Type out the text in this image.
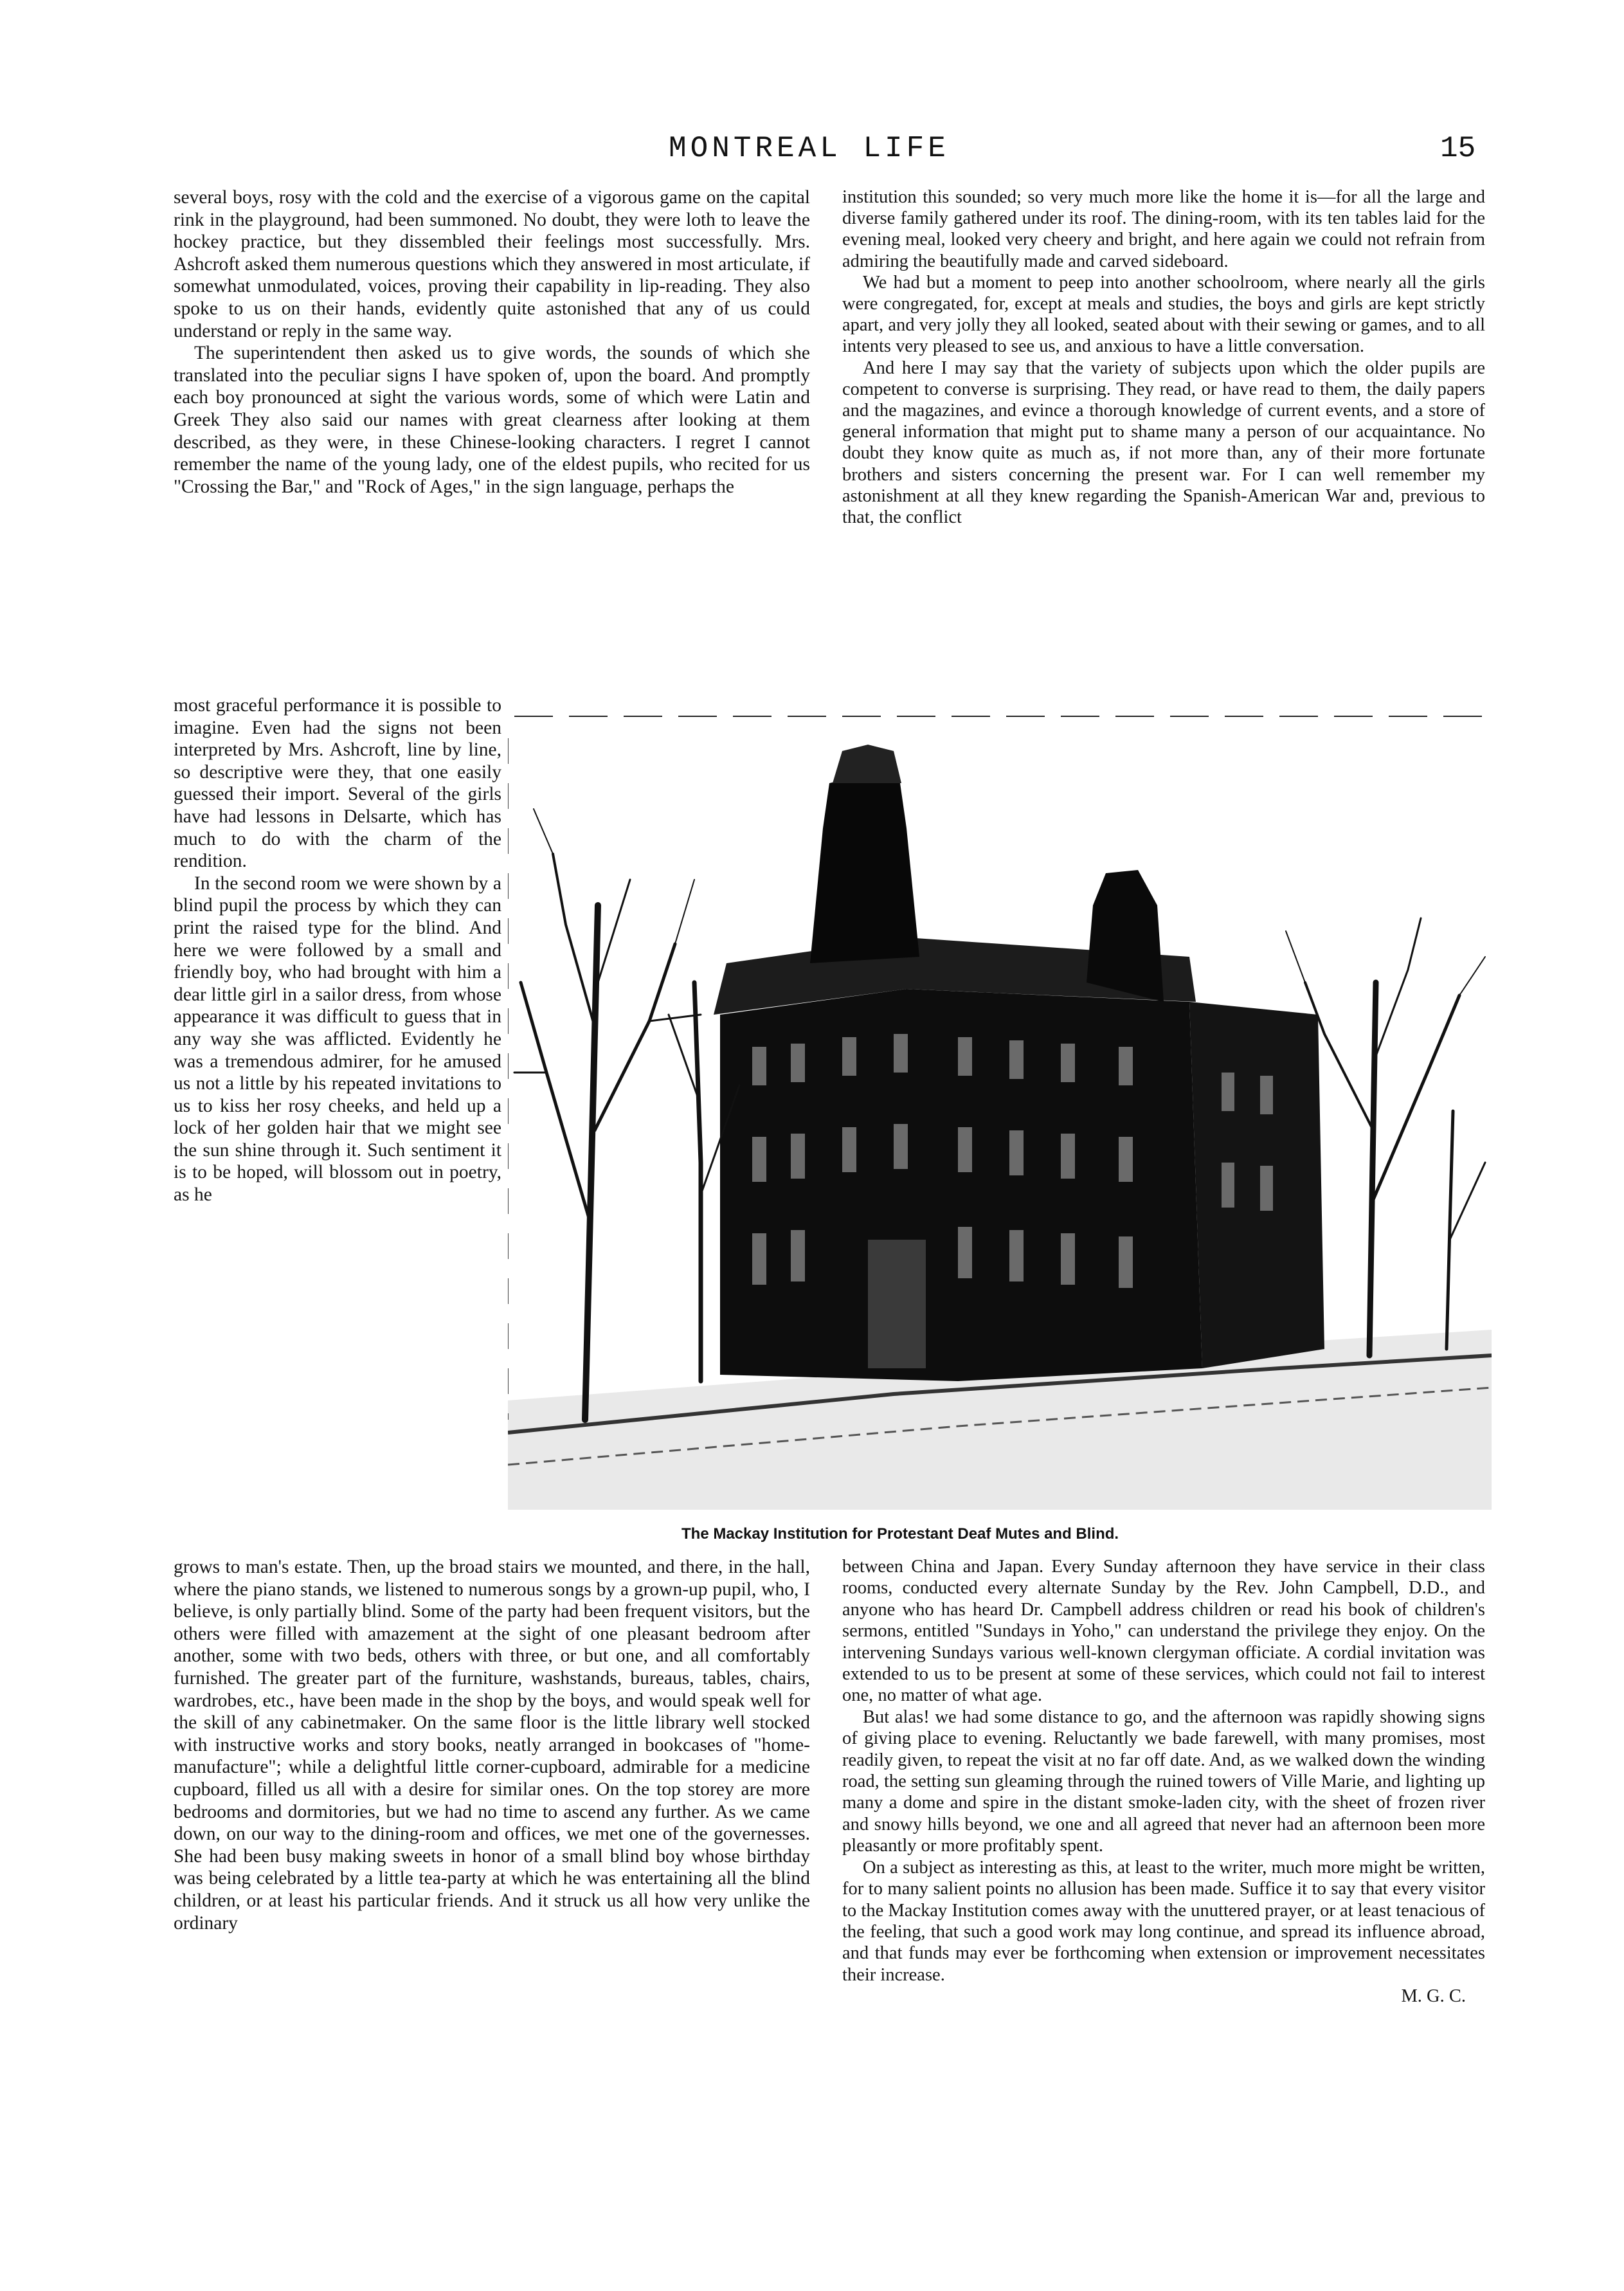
MONTREAL LIFE	15

several boys, rosy with the cold and the exercise of a vigorous game on the capital rink in the playground, had been summoned. No doubt, they were loth to leave the hockey practice, but they dissembled their feelings most successfully. Mrs. Ashcroft asked them numerous questions which they answered in most articulate, if somewhat unmodulated, voices, proving their capability in lip-reading. They also spoke to us on their hands, evidently quite astonished that any of us could understand or reply in the same way.

The superintendent then asked us to give words, the sounds of which she translated into the peculiar signs I have spoken of, upon the board. And promptly each boy pronounced at sight the various words, some of which were Latin and Greek They also said our names with great clearness after looking at them described, as they were, in these Chinese-looking characters. I regret I cannot remember the name of the young lady, one of the eldest pupils, who recited for us "Crossing the Bar," and "Rock of Ages," in the sign language, perhaps the

most graceful performance it is possible to imagine. Even had the signs not been interpreted by Mrs. Ashcroft, line by line, so descriptive were they, that one easily guessed their import. Several of the girls have had lessons in Delsarte, which has much to do with the charm of the rendition.

In the second room we were shown by a blind pupil the process by which they can print the raised type for the blind. And here we were followed by a small and friendly boy, who had brought with him a dear little girl in a sailor dress, from whose appearance it was difficult to guess that in any way she was afflicted. Evidently he was a tremendous admirer, for he amused us not a little by his repeated invitations to us to kiss her rosy cheeks, and held up a lock of her golden hair that we might see the sun shine through it. Such sentiment it is to be hoped, will blossom out in poetry, as he

grows to man's estate. Then, up the broad stairs we mounted, and there, in the hall, where the piano stands, we listened to numerous songs by a grown-up pupil, who, I believe, is only partially blind. Some of the party had been frequent visitors, but the others were filled with amazement at the sight of one pleasant bedroom after another, some with two beds, others with three, or but one, and all comfortably furnished. The greater part of the furniture, washstands, bureaus, tables, chairs, wardrobes, etc., have been made in the shop by the boys, and would speak well for the skill of any cabinetmaker. On the same floor is the little library well stocked with instructive works and story books, neatly arranged in bookcases of "home-manufacture"; while a delightful little corner-cupboard, admirable for a medicine cupboard, filled us all with a desire for similar ones. On the top storey are more bedrooms and dormitories, but we had no time to ascend any further. As we came down, on our way to the dining-room and offices, we met one of the governesses. She had been busy making sweets in honor of a small blind boy whose birthday was being celebrated by a little tea-party at which he was entertaining all the blind children, or at least his particular friends. And it struck us all how very unlike the ordinary

institution this sounded; so very much more like the home it is—for all the large and diverse family gathered under its roof. The dining-room, with its ten tables laid for the evening meal, looked very cheery and bright, and here again we could not refrain from admiring the beautifully made and carved sideboard.

We had but a moment to peep into another schoolroom, where nearly all the girls were congregated, for, except at meals and studies, the boys and girls are kept strictly apart, and very jolly they all looked, seated about with their sewing or games, and to all intents very pleased to see us, and anxious to have a little conversation.

And here I may say that the variety of subjects upon which the older pupils are competent to converse is surprising. They read, or have read to them, the daily papers and the magazines, and evince a thorough knowledge of current events, and a store of general information that might put to shame many a person of our acquaintance. No doubt they know quite as much as, if not more than, any of their more fortunate brothers and sisters concerning the present war. For I can well remember my astonishment at all they knew regarding the Spanish-American War and, previous to that, the conflict

between China and Japan. Every Sunday afternoon they have service in their class rooms, conducted every alternate Sunday by the Rev. John Campbell, D.D., and anyone who has heard Dr. Campbell address children or read his book of children's sermons, entitled "Sundays in Yoho," can understand the privilege they enjoy. On the intervening Sundays various well-known clergyman officiate. A cordial invitation was extended to us to be present at some of these services, which could not fail to interest one, no matter of what age.

But alas! we had some distance to go, and the afternoon was rapidly showing signs of giving place to evening. Reluctantly we bade farewell, with many promises, most readily given, to repeat the visit at no far off date. And, as we walked down the winding road, the setting sun gleaming through the ruined towers of Ville Marie, and lighting up many a dome and spire in the distant smoke-laden city, with the sheet of frozen river and snowy hills beyond, we one and all agreed that never had an afternoon been more pleasantly or more profitably spent.

On a subject as interesting as this, at least to the writer, much more might be written, for to many salient points no allusion has been made. Suffice it to say that every visitor to the Mackay Institution comes away with the unuttered prayer, or at least tenacious of the feeling, that such a good work may long continue, and spread its influence abroad, and that funds may ever be forthcoming when extension or improvement necessitates their increase.

M. G. C.

The Mackay Institution for Protestant Deaf Mutes and Blind.
